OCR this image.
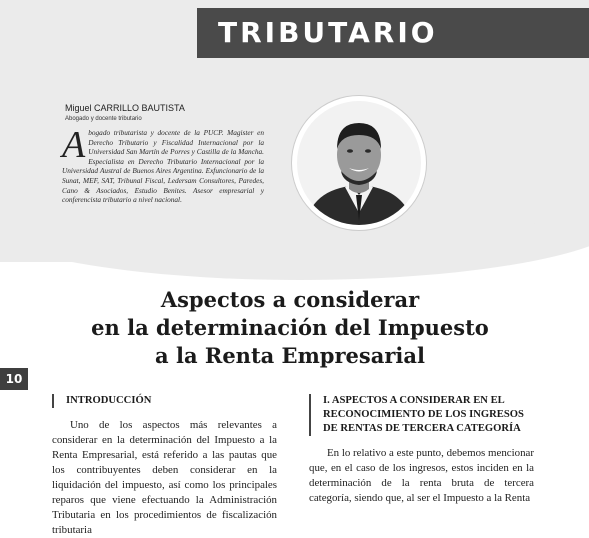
TRIBUTARIO
Miguel CARRILLO BAUTISTA
Abogado y docente tributario

Abogado tributarista y docente de la PUCP. Magister en Derecho Tributario y Fiscalidad Internacional por la Universidad San Martín de Porres y Castilla de la Mancha. Especialista en Derecho Tributario Internacional por la Universidad Austral de Buenos Aires Argentina. Exfuncionario de la Sunat, MEF, SAT, Tribunal Fiscal, Ledersam Consultores, Paredes, Cano & Asociados, Estudio Benites. Asesor empresarial y conferencista tributario a nivel nacional.

Aspectos a considerar
en la determinación del Impuesto
a la Renta Empresarial
10

INTRODUCCIÓN

Uno de los aspectos más relevantes a considerar en la determinación del Impuesto a la Renta Empresarial, está referido a las pautas que los contribuyentes deben considerar en la liquidación del impuesto, así como los principales reparos que viene efectuando la Administración Tributaria en los procedimientos de fiscalización tributaria

I. ASPECTOS A CONSIDERAR EN EL RECONOCIMIENTO DE LOS INGRESOS DE RENTAS DE TERCERA CATEGORÍA

En lo relativo a este punto, debemos mencionar que, en el caso de los ingresos, estos inciden en la determinación de la renta bruta de tercera categoría, siendo que, al ser el Impuesto a la Renta
